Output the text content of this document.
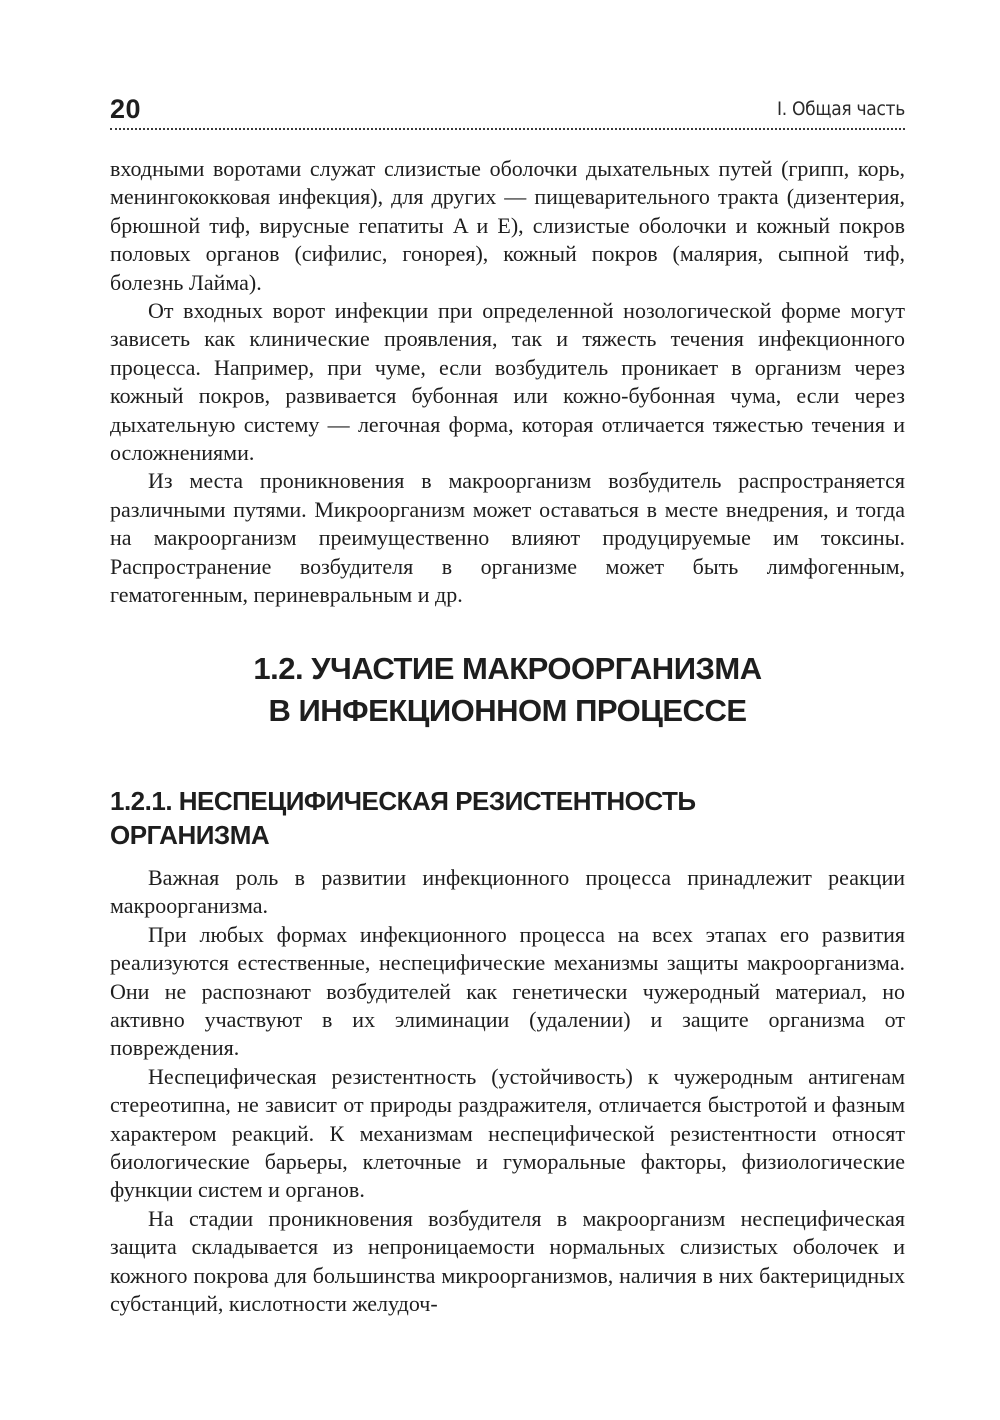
20	I. Общая часть

входными воротами служат слизистые оболочки дыхательных путей (грипп, корь, менингококковая инфекция), для других — пищеварительного тракта (дизентерия, брюшной тиф, вирусные гепатиты A и E), слизистые оболочки и кожный покров половых органов (сифилис, гонорея), кожный покров (малярия, сыпной тиф, болезнь Лайма).

От входных ворот инфекции при определенной нозологической форме могут зависеть как клинические проявления, так и тяжесть течения инфекционного процесса. Например, при чуме, если возбудитель проникает в организм через кожный покров, развивается бубонная или кожно-бубонная чума, если через дыхательную систему — легочная форма, которая отличается тяжестью течения и осложнениями.

Из места проникновения в макроорганизм возбудитель распространяется различными путями. Микроорганизм может оставаться в месте внедрения, и тогда на макроорганизм преимущественно влияют продуцируемые им токсины. Распространение возбудителя в организме может быть лимфогенным, гематогенным, периневральным и др.

1.2. УЧАСТИЕ МАКРООРГАНИЗМА
В ИНФЕКЦИОННОМ ПРОЦЕССЕ
1.2.1. НЕСПЕЦИФИЧЕСКАЯ РЕЗИСТЕНТНОСТЬ
ОРГАНИЗМА

Важная роль в развитии инфекционного процесса принадлежит реакции макроорганизма.

При любых формах инфекционного процесса на всех этапах его развития реализуются естественные, неспецифические механизмы защиты макроорганизма. Они не распознают возбудителей как генетически чужеродный материал, но активно участвуют в их элиминации (удалении) и защите организма от повреждения.

Неспецифическая резистентность (устойчивость) к чужеродным антигенам стереотипна, не зависит от природы раздражителя, отличается быстротой и фазным характером реакций. К механизмам неспецифической резистентности относят биологические барьеры, клеточные и гуморальные факторы, физиологические функции систем и органов.

На стадии проникновения возбудителя в макроорганизм неспецифическая защита складывается из непроницаемости нормальных слизистых оболочек и кожного покрова для большинства микроорганизмов, наличия в них бактерицидных субстанций, кислотности желудоч-
